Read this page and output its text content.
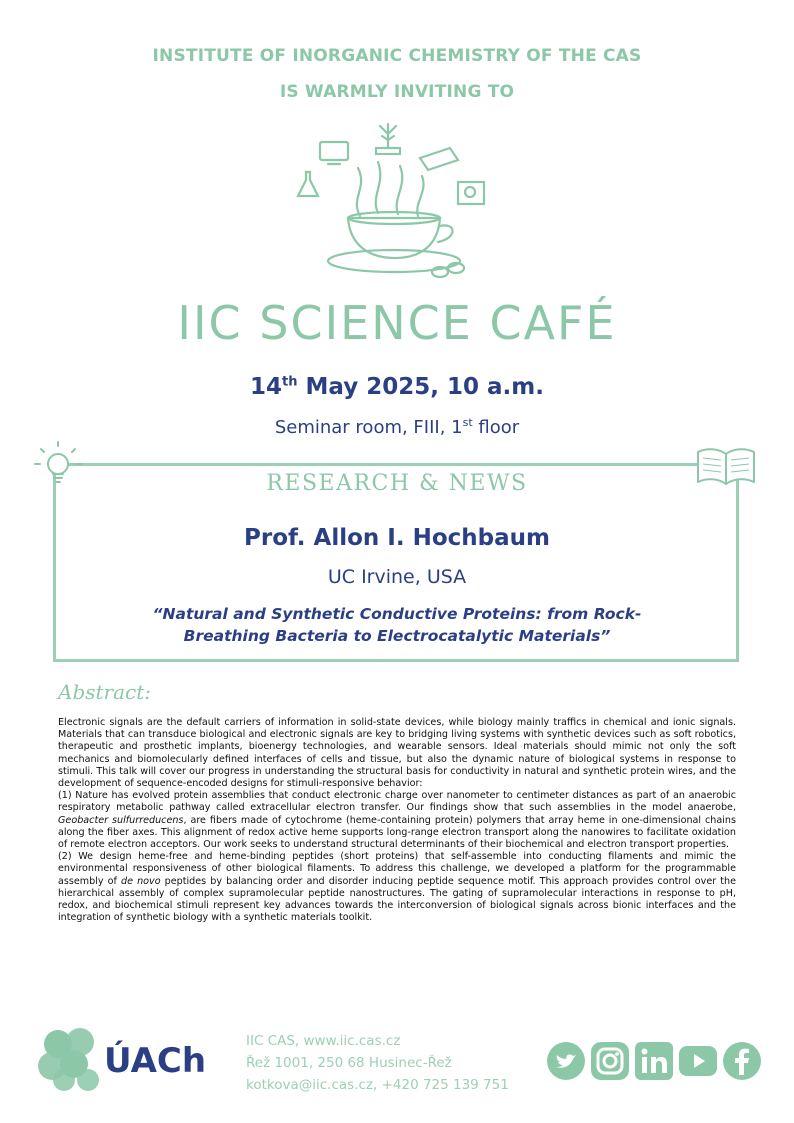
INSTITUTE OF INORGANIC CHEMISTRY OF THE CAS
IS WARMLY INVITING TO
IIC SCIENCE CAFÉ
14th May 2025, 10 a.m.
Seminar room, FIII, 1st floor
RESEARCH & NEWS
Prof. Allon I. Hochbaum
UC Irvine, USA
“Natural and Synthetic Conductive Proteins: from Rock-Breathing Bacteria to Electrocatalytic Materials”
Abstract:

Electronic signals are the default carriers of information in solid-state devices, while biology mainly traffics in chemical and ionic signals. Materials that can transduce biological and electronic signals are key to bridging living systems with synthetic devices such as soft robotics, therapeutic and prosthetic implants, bioenergy technologies, and wearable sensors. Ideal materials should mimic not only the soft mechanics and biomolecularly defined interfaces of cells and tissue, but also the dynamic nature of biological systems in response to stimuli. This talk will cover our progress in understanding the structural basis for conductivity in natural and synthetic protein wires, and the development of sequence-encoded designs for stimuli-responsive behavior:

(1) Nature has evolved protein assemblies that conduct electronic charge over nanometer to centimeter distances as part of an anaerobic respiratory metabolic pathway called extracellular electron transfer. Our findings show that such assemblies in the model anaerobe, Geobacter sulfurreducens, are fibers made of cytochrome (heme-containing protein) polymers that array heme in one-dimensional chains along the fiber axes. This alignment of redox active heme supports long-range electron transport along the nanowires to facilitate oxidation of remote electron acceptors. Our work seeks to understand structural determinants of their biochemical and electron transport properties.

(2) We design heme-free and heme-binding peptides (short proteins) that self-assemble into conducting filaments and mimic the environmental responsiveness of other biological filaments. To address this challenge, we developed a platform for the programmable assembly of de novo peptides by balancing order and disorder inducing peptide sequence motif. This approach provides control over the hierarchical assembly of complex supramolecular peptide nanostructures. The gating of supramolecular interactions in response to pH, redox, and biochemical stimuli represent key advances towards the interconversion of biological signals across bionic interfaces and the integration of synthetic biology with a synthetic materials toolkit.

ÚACh	IIC CAS, www.iic.cas.cz
Řež 1001, 250 68 Husinec-Řež
kotkova@iic.cas.cz, +420 725 139 751
